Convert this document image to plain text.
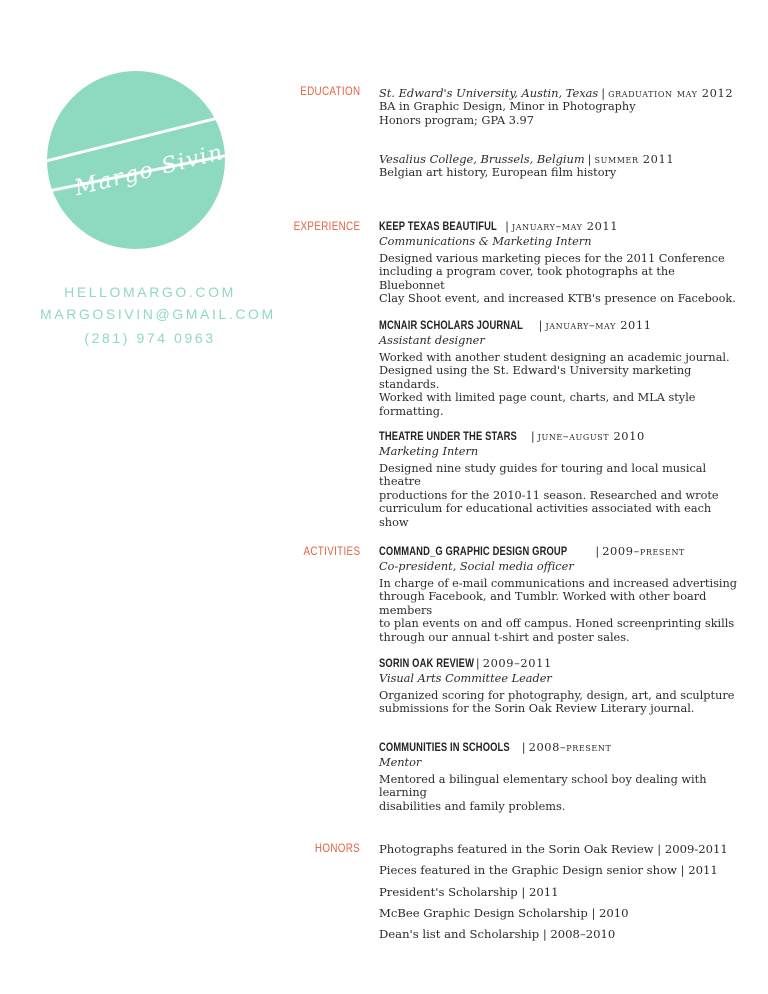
Margo Sivin
HELLOMARGO.COM
MARGOSIVIN@GMAIL.COM
(281) 974 0963
EDUCATION
EXPERIENCE
ACTIVITIES
HONORS
St. Edward's University, Austin, Texas | graduation may 2012
BA in Graphic Design, Minor in Photography
Honors program; GPA 3.97
Vesalius College, Brussels, Belgium | summer 2011
Belgian art history, European film history
KEEP TEXAS BEAUTIFUL | january–may 2011
Communications & Marketing Intern
Designed various marketing pieces for the 2011 Conference
including a program cover, took photographs at the Bluebonnet
Clay Shoot event, and increased KTB's presence on Facebook.
MCNAIR SCHOLARS JOURNAL | january–may 2011
Assistant designer
Worked with another student designing an academic journal.
Designed using the St. Edward's University marketing standards.
Worked with limited page count, charts, and MLA style
formatting.
THEATRE UNDER THE STARS | june–august 2010
Marketing Intern
Designed nine study guides for touring and local musical theatre
productions for the 2010-11 season. Researched and wrote
curriculum for educational activities associated with each show
COMMAND_G GRAPHIC DESIGN GROUP | 2009–present
Co-president, Social media officer
In charge of e-mail communications and increased advertising
through Facebook, and Tumblr. Worked with other board members
to plan events on and off campus. Honed screenprinting skills
through our annual t-shirt and poster sales.
SORIN OAK REVIEW | 2009–2011
Visual Arts Committee Leader
Organized scoring for photography, design, art, and sculpture
submissions for the Sorin Oak Review Literary journal.
COMMUNITIES IN SCHOOLS | 2008–present
Mentor
Mentored a bilingual elementary school boy dealing with learning
disabilities and family problems.
Photographs featured in the Sorin Oak Review | 2009-2011
Pieces featured in the Graphic Design senior show | 2011
President's Scholarship | 2011
McBee Graphic Design Scholarship | 2010
Dean's list and Scholarship | 2008–2010
